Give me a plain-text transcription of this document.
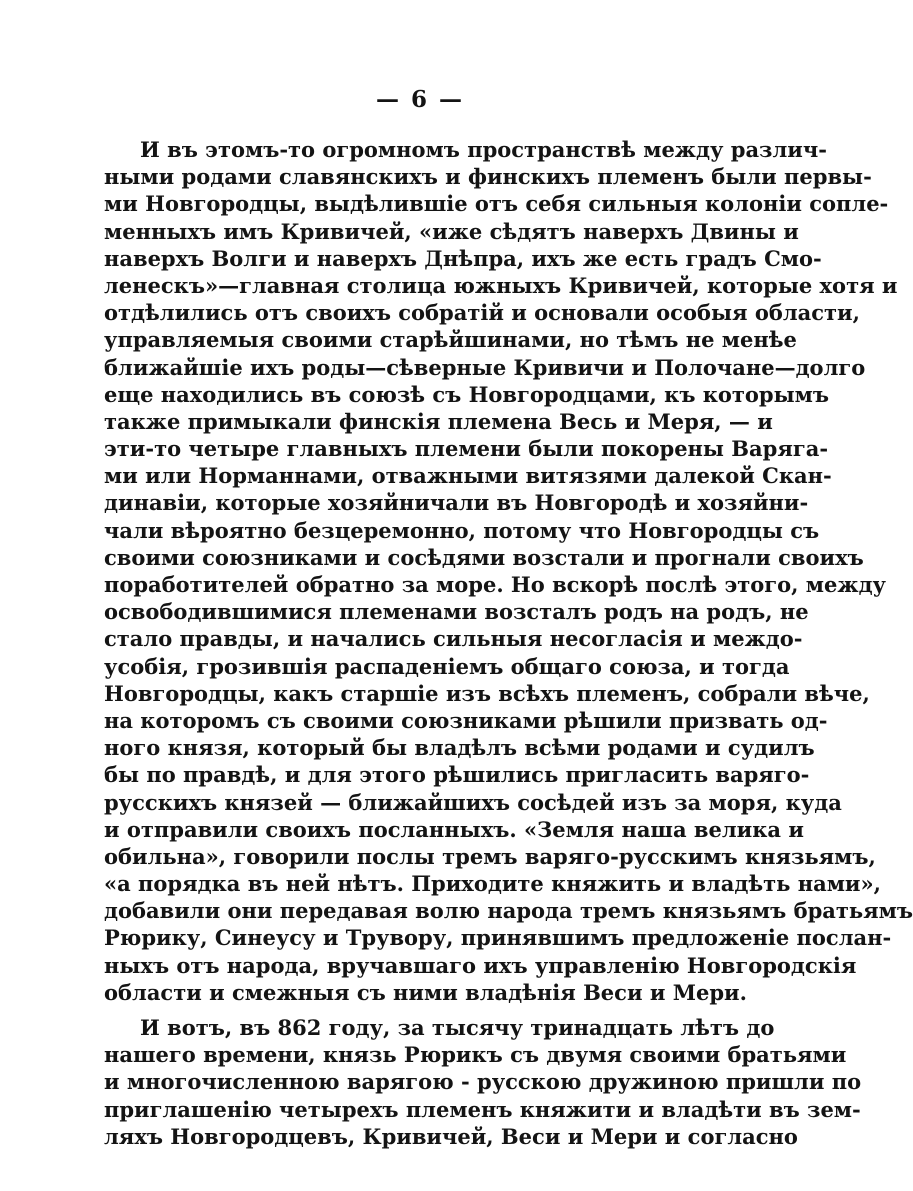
— 6 —
И въ этомъ-то огромномъ пространствѣ между различ-
ными родами славянскихъ и финскихъ племенъ были первы-
ми Новгородцы, выдѣлившіе отъ себя сильныя колоніи сопле-
менныхъ имъ Кривичей, «иже сѣдятъ наверхъ Двины и
наверхъ Волги и наверхъ Днѣпра, ихъ же есть градъ Смо-
ленескъ»—главная столица южныхъ Кривичей, которые хотя и
отдѣлились отъ своихъ собратій и основали особыя области,
управляемыя своими старѣйшинами, но тѣмъ не менѣе
ближайшіе ихъ роды—сѣверные Кривичи и Полочане—долго
еще находились въ союзѣ съ Новгородцами, къ которымъ
также примыкали финскія племена Весь и Меря, — и
эти-то четыре главныхъ племени были покорены Варяга-
ми или Норманнами, отважными витязями далекой Скан-
динавіи, которые хозяйничали въ Новгородѣ и хозяйни-
чали вѣроятно безцеремонно, потому что Новгородцы съ
своими союзниками и сосѣдями возстали и прогнали своихъ
поработителей обратно за море. Но вскорѣ послѣ этого, между
освободившимися племенами возсталъ родъ на родъ, не
стало правды, и начались сильныя несогласія и междо-
усобія, грозившія распаденіемъ общаго союза, и тогда
Новгородцы, какъ старшіе изъ всѣхъ племенъ, собрали вѣче,
на которомъ съ своими союзниками рѣшили призвать од-
ного князя, который бы владѣлъ всѣми родами и судилъ
бы по правдѣ, и для этого рѣшились пригласить варяго-
русскихъ князей — ближайшихъ сосѣдей изъ за моря, куда
и отправили своихъ посланныхъ. «Земля наша велика и
обильна», говорили послы тремъ варяго-русскимъ князьямъ,
«а порядка въ ней нѣтъ. Приходите княжить и владѣть нами»,
добавили они передавая волю народа тремъ князьямъ братьямъ
Рюрику, Синеусу и Трувору, принявшимъ предложеніе послан-
ныхъ отъ народа, вручавшаго ихъ управленію Новгородскія
области и смежныя съ ними владѣнія Веси и Мери.
И вотъ, въ 862 году, за тысячу тринадцать лѣтъ до
нашего времени, князь Рюрикъ съ двумя своими братьями
и многочисленною варягою - русскою дружиною пришли по
приглашенію четырехъ племенъ княжити и владѣти въ зем-
ляхъ Новгородцевъ, Кривичей, Веси и Мери и согласно
